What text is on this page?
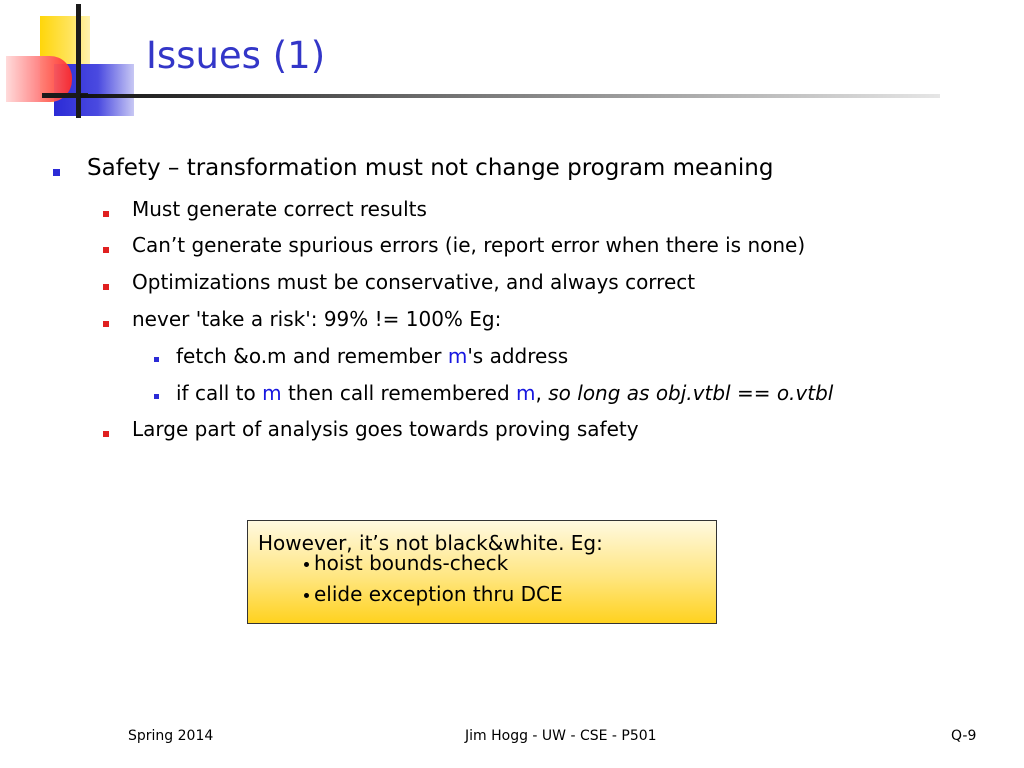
Issues (1)
Safety – transformation must not change program meaning
Must generate correct results
Can’t generate spurious errors (ie, report error when there is none)
Optimizations must be conservative, and always correct
never 'take a risk': 99% != 100% Eg:
fetch &o.m and remember m's address
if call to m then call remembered m, so long as obj.vtbl == o.vtbl
Large part of analysis goes towards proving safety
However, it’s not black&white. Eg:
hoist bounds-check
elide exception thru DCE
Spring 2014	Jim Hogg - UW - CSE - P501	Q-9
